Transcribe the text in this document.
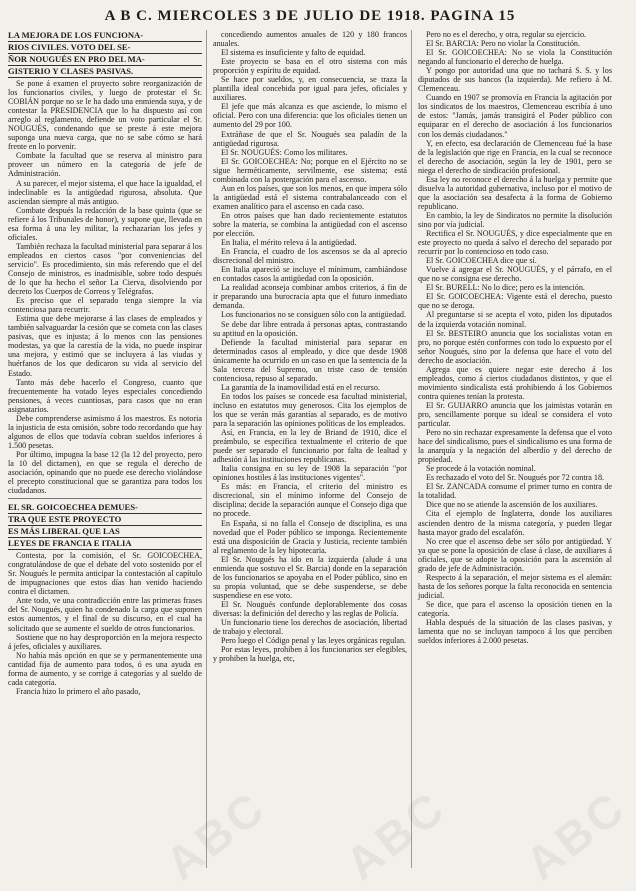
A B C. MIERCOLES 3 DE JULIO DE 1918. PAGINA 15
LA MEJORA DE LOS FUNCIONA-
RIOS CIVILES. VOTO DEL SE-
ÑOR NOUGUÉS EN PRO DEL MA-
GISTERIO Y CLASES PASIVAS.

Se pone á examen el proyecto sobre reorganización de los funcionarios civiles, y luego de protestar el Sr. COBIÁN porque no se le ha dado una enmienda suya, y de contestar la PRESIDENCIA que lo ha dispuesto así con arreglo al reglamento, defiende un voto particular el Sr. NOUGUÉS, condenando que se preste á este mejora suponga una nueva carga, que no se sabe cómo se hará frente en lo porvenir.

Combate la facultad que se reserva al ministro para proveer un número en la categoría de jefe de Administración.

A su parecer, el mejor sistema, el que hace la igualdad, el indeclinable es la antigüedad rigurosa, absoluta. Que asciendan siempre al más antiguo.

Combate después la redacción de la base quinta (que se refiere á los Tribunales de honor), y supone que, llevada en esa forma á una ley militar, la rechazarían los jefes y oficiales.

También rechaza la facultad ministerial para separar á los empleados en ciertos casos "por conveniencias del servicio". Es procedimiento, sin más referendo que el del Consejo de ministros, es inadmisible, sobre todo después de lo que ha hecho el señor La Cierva, disolviendo por decreto los Cuerpos de Correos y Telégrafos.

Es preciso que el separado tenga siempre la vía contenciosa para recurrir.

Estima que debe mejorarse á las clases de empleados y también salvaguardar la cesión que se cometa con las clases pasivas, que es injusta; á lo menos con las pensiones modestas, ya que la carestía de la vida, no puede inspirar una mejora, y estimó que se incluyera á las viudas y huérfanos de los que dedicaron su vida al servicio del Estado.

Tanto más debe hacerlo el Congreso, cuanto que frecuentemente ha votado leyes especiales concediendo pensiones, á veces cuantiosas, para casos que no eran asignatarios.

Debe comprenderse asimismo á los maestros. Es notoria la injusticia de esta omisión, sobre todo recordando que hay algunos de ellos que todavía cobran sueldos inferiores á 1.500 pesetas.

Por último, impugna la base 12 (la 12 del proyecto, pero la 10 del dictamen), en que se regula el derecho de asociación, opinando que no puede ese derecho violándose el precepto constitucional que se garantiza para todos los ciudadanos.

EL SR. GOICOECHEA DEMUES-
TRA QUE ESTE PROYECTO
ES MÁS LIBERAL QUE LAS
LEYES DE FRANCIA E ITALIA

Contesta, por la comisión, el Sr. GOICOECHEA, congratulándose de que el debate del voto sostenido por el Sr. Nougués le permita anticipar la contestación al capítulo de impugnaciones que estos días han venido haciendo contra el dictamen.

Ante todo, ve una contradicción entre las primeras frases del Sr. Nougués, quien ha condenado la carga que suponen estos aumentos, y el final de su discurso, en el cual ha solicitado que se aumente el sueldo de otros funcionarios.

Sostiene que no hay desproporción en la mejora respecto á jefes, oficiales y auxiliares.

No había más opción en que se y permanentemente una cantidad fija de aumento para todos, ó es una ayuda en forma de aumento, y se corrige á categorías y al sueldo de cada categoría.

Francia hizo lo primero el año pasado,

concediendo aumentos anuales de 120 y 180 francos anuales.

El sistema es insuficiente y falto de equidad.

Este proyecto se basa en el otro sistema con más proporción y espíritu de equidad.

Se hace por sueldos, y, en consecuencia, se traza la plantilla ideal concebida por igual para jefes, oficiales y auxiliares.

El jefe que más alcanza es que asciende, lo mismo el oficial. Pero con una diferencia: que los oficiales tienen un aumento del 29 por 100.

Extráñase de que el Sr. Nougués sea paladín de la antigüedad rigurosa.

El Sr. NOUGUÉS: Como los militares.

El Sr. GOICOECHEA: No; porque en el Ejército no se sigue herméticamente, servilmente, ese sistema; está combinada con la postergación para el ascenso.

Aun en los países, que son los menos, en que impera sólo la antigüedad está el sistema contrabalanceado con el examen analítico para el ascenso en cada caso.

En otros países que han dado recientemente estatutos sobre la materia, se combina la antigüedad con el ascenso por elección.

En Italia, el mérito releva á la antigüedad.

En Francia, el cuadro de los ascensos se da al aprecio discrecional del ministro.

En Italia apareció se incluye el mínimum, cambiándose en contados casos la antigüedad con la oposición.

La realidad aconseja combinar ambos criterios, á fin de ir preparando una burocracia apta que el futuro inmediato demanda.

Los funcionarios no se consiguen sólo con la antigüedad.

Se debe dar libre entrada á personas aptas, contrastando su aptitud en la oposición.

Defiende la facultad ministerial para separar en determinados casos al empleado, y dice que desde 1908 únicamente ha ocurrido en un caso en que la sentencia de la Sala tercera del Supremo, un triste caso de tensión contenciosa, repuso al separado.

La garantía de la inamovilidad está en el recurso.

En todos los países se concede esa facultad ministerial, incluso en estatutos muy generosos. Cita los ejemplos de los que se verán más garantías al separado, es de motivo para la separación las opiniones políticas de los empleados.

Así, en Francia, en la ley de Briand de 1910, dice el preámbulo, se especifica textualmente el criterio de que puede ser separado el funcionario por falta de lealtad y adhesión á las instituciones republicanas.

Italia consigna en su ley de 1908 la separación "por opiniones hostiles á las instituciones vigentes".

Es más: en Francia, el criterio del ministro es discrecional, sin el mínimo informe del Consejo de disciplina; decide la separación aunque el Consejo diga que no procede.

En España, si no falla el Consejo de disciplina, es una novedad que el Poder público se imponga. Recientemente está una disposición de Gracia y Justicia, reciente también al reglamento de la ley hipotecaria.

El Sr. Nougués ha ido en la izquierda (alude á una enmienda que sostuvo el Sr. Barcia) donde en la separación de los funcionarios se apoyaba en el Poder público, sino en su propia voluntad, que se debe suspenderse, se debe suspendiese en ese voto.

El Sr. Nougués confunde deplorablemente dos cosas diversas: la definición del derecho y las reglas de Policía.

Un funcionario tiene los derechos de asociación, libertad de trabajo y electoral.

Pero luego el Código penal y las leyes orgánicas regulan.

Por estas leyes, prohiben á los funcionarios ser elegibles, y prohiben la huelga, etc,

Pero no es el derecho, y otra, regular su ejercicio.

El Sr. BARCIA: Pero no violar la Constitución.

El Sr. GOICOECHEA: No se viola la Constitución negando al funcionario el derecho de huelga.

Y pongo por autoridad una que no tachará S. S. y los diputados de sus bancos (la izquierda). Me refiero á M. Clemenceau.

Cuando en 1907 se promovía en Francia la agitación por los sindicatos de los maestros, Clemenceau escribía á uno de estos: "Jamás, jamás transigirá el Poder público con equiparar en el derecho de asociación á los funcionarios con los demás ciudadanos."

Y, en efecto, esa declaración de Clemenceau fué la base de la legislación que rige en Francia, en la cual se reconoce el derecho de asociación, según la ley de 1901, pero se niega el derecho de sindicación profesional.

Esa ley no reconoce el derecho á la huelga y permite que disuelva la autoridad gubernativa, incluso por el motivo de que la asociación sea desafecta á la forma de Gobierno republicano.

En cambio, la ley de Sindicatos no permite la disolución sino por vía judicial.

Rectifica el Sr. NOUGUÉS, y dice especialmente que en este proyecto no queda á salvo el derecho del separado por recurrir por lo contencioso en todo caso.

El Sr. GOICOECHEA dice que sí.

Vuelve á agregar el Sr. NOUGUÉS, y el párrafo, en el que no se consigna ese derecho.

El Sr. BURELL: No lo dice; pero es la intención.

El Sr. GOICOECHEA: Vigente está el derecho, puesto que no se deroga.

Al preguntarse si se acepta el voto, piden los diputados de la izquierda votación nominal.

El Sr. BESTEIRO anuncia que los socialistas votan en pro, no porque estén conformes con todo lo expuesto por el señor Nougués, sino por la defensa que hace el voto del derecho de asociación.

Agrega que es quiere negar este derecho á los empleados, como á ciertos ciudadanos distintos, y que el movimiento sindicalista está prohibiendo á los Gobiernos contra quienes tenían la protesta.

El Sr. GUIJARRO anuncia que los jaimistas votarán en pro, sencillamente porque su ideal se considera el voto particular.

Pero no sin rechazar expresamente la defensa que el voto hace del sindicalismo, pues el sindicalismo es una forma de la anarquía y la negación del alberdío y del derecho de propiedad.

Se procede á la votación nominal.

Es rechazado el voto del Sr. Nougués por 72 contra 18.

El Sr. ZANCADA consume el primer turno en contra de la totalidad.

Dice que no se atiende la ascensión de los auxiliares.

Cita el ejemplo de Inglaterra, donde los auxiliares ascienden dentro de la misma categoría, y pueden llegar hasta mayor grado del escalafón.

No cree que el ascenso debe ser sólo por antigüedad. Y ya que se pone la oposición de clase á clase, de auxiliares á oficiales, que se adopte la oposición para la ascensión al grado de jefe de Administración.

Respecto á la separación, el mejor sistema es el alemán: hasta de los señores porque la falta reconocida en sentencia judicial.

Se dice, que para el ascenso la oposición tienen en la categoría.

Habla después de la situación de las clases pasivas, y lamenta que no se incluyan tampoco á los que perciben sueldos inferiores á 2.000 pesetas.

ABC ABC ABC
